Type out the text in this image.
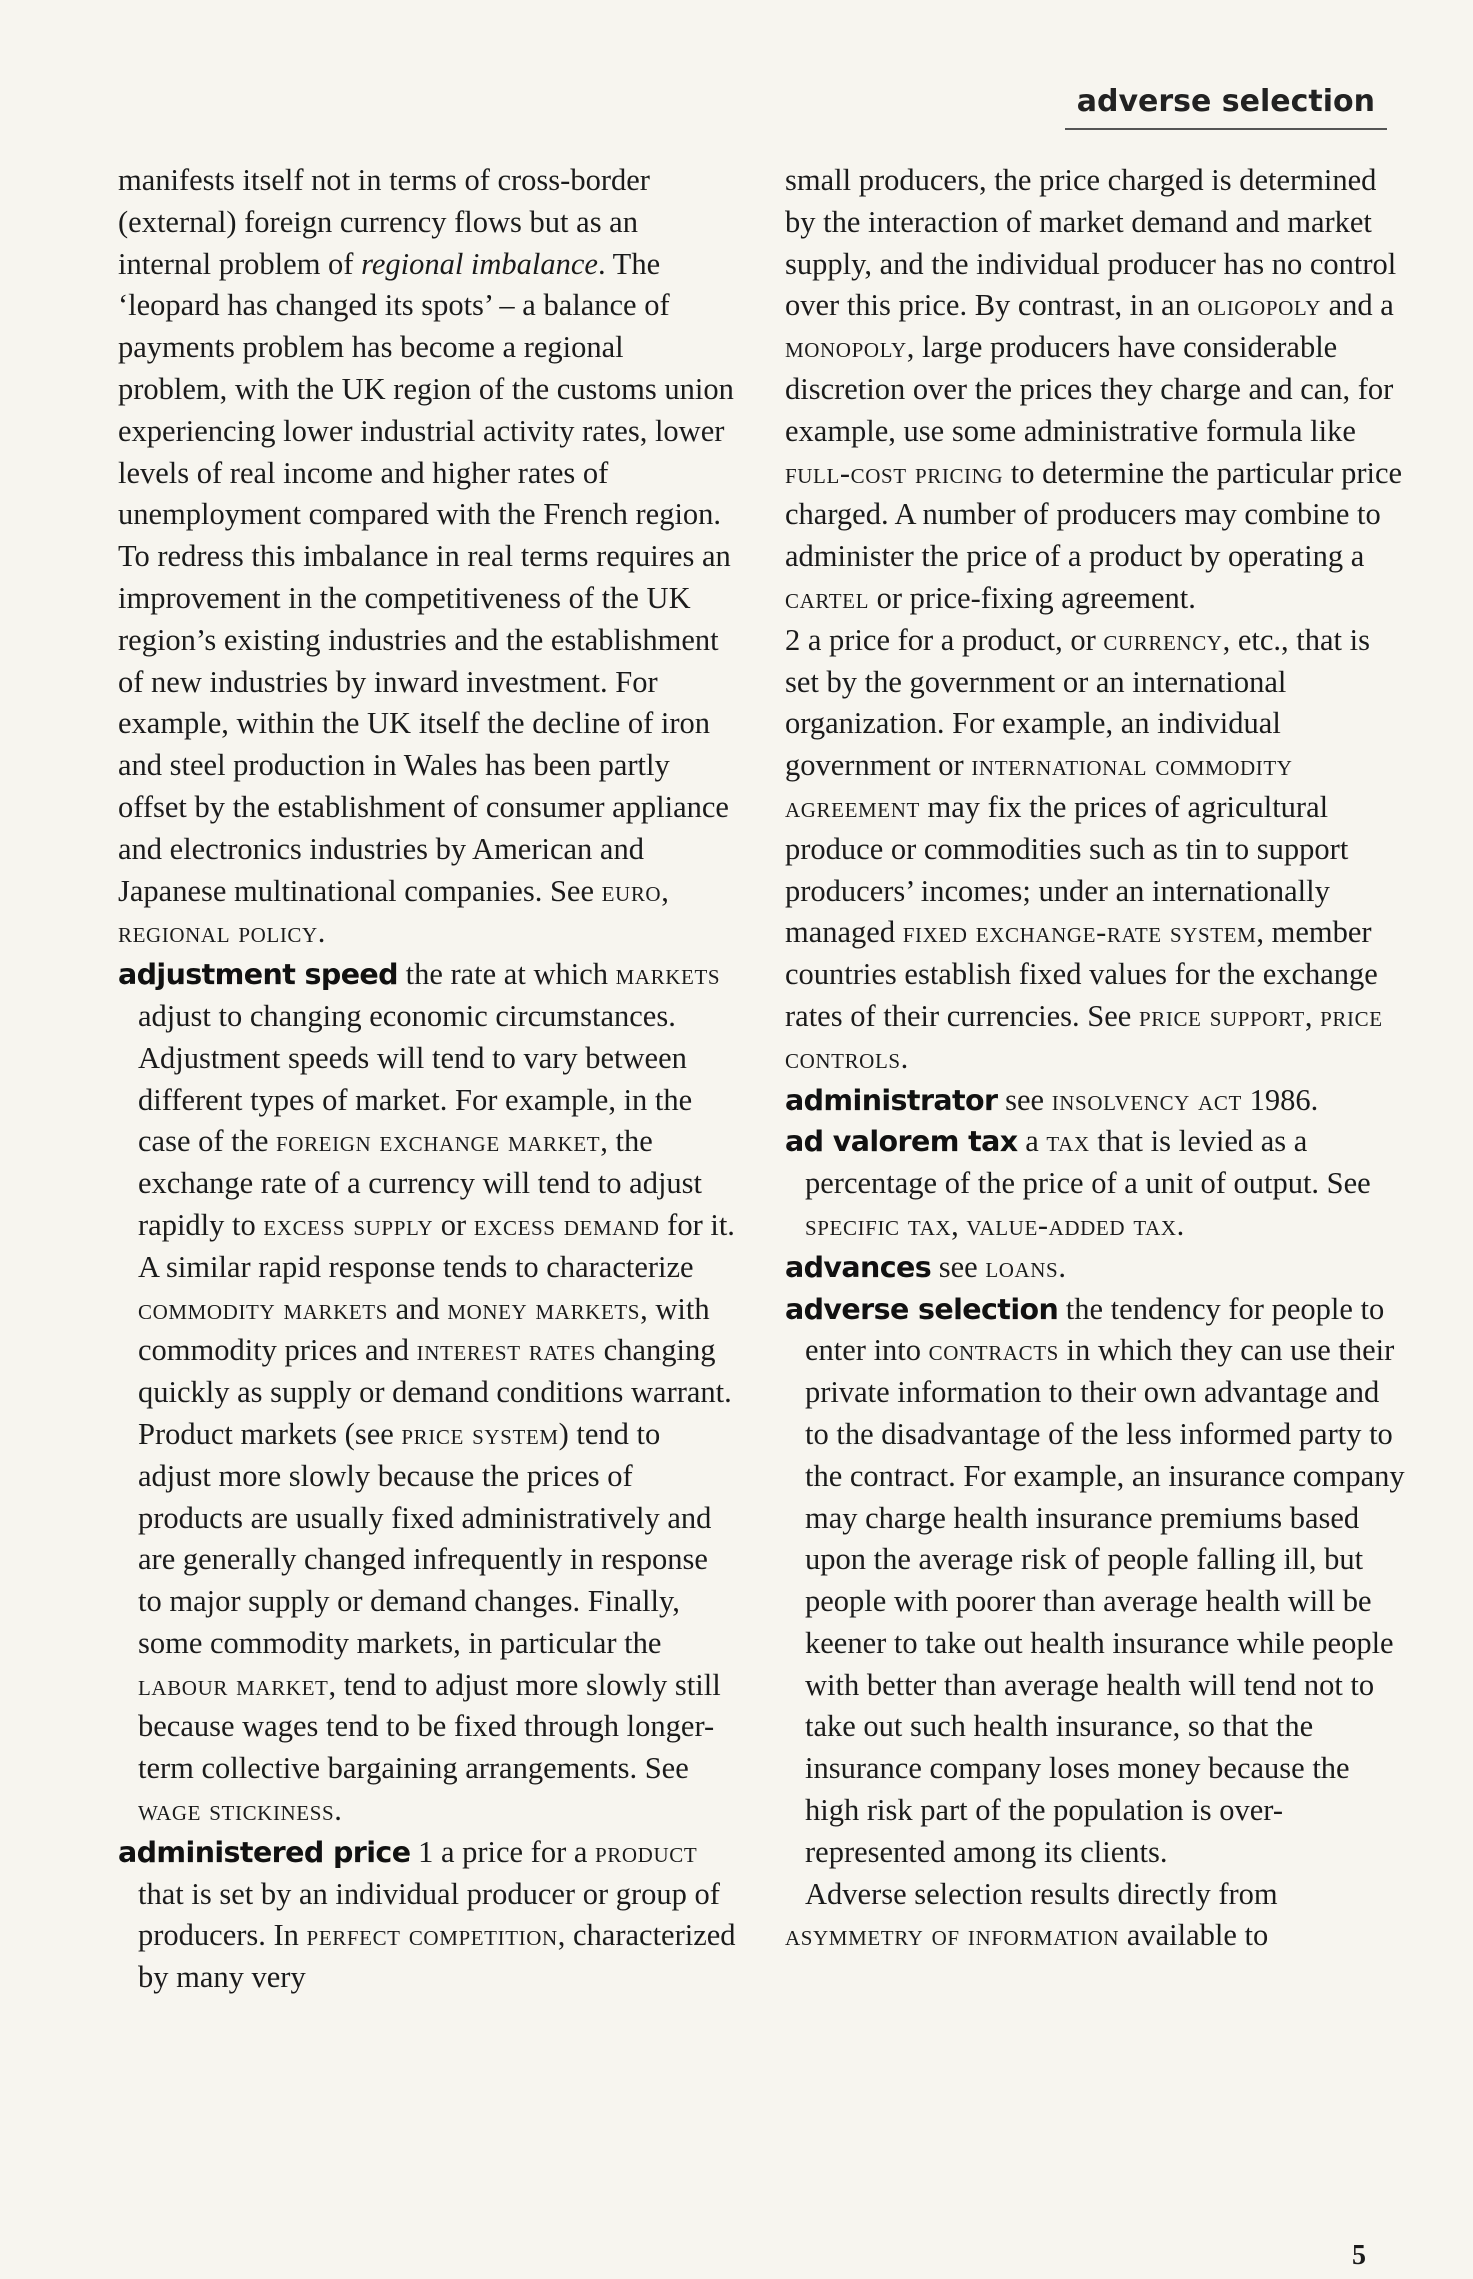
adverse selection

manifests itself not in terms of cross-border (external) foreign currency flows but as an internal problem of regional imbalance. The ‘leopard has changed its spots’ – a balance of payments problem has become a regional problem, with the UK region of the customs union experiencing lower industrial activity rates, lower levels of real income and higher rates of unemployment compared with the French region. To redress this imbalance in real terms requires an improvement in the competitiveness of the UK region’s existing industries and the establishment of new industries by inward investment. For example, within the UK itself the decline of iron and steel production in Wales has been partly offset by the establishment of consumer appliance and electronics industries by American and Japanese multinational companies. See euro, regional policy.

adjustment speed the rate at which markets adjust to changing economic circumstances. Adjustment speeds will tend to vary between different types of market. For example, in the case of the foreign exchange market, the exchange rate of a currency will tend to adjust rapidly to excess supply or excess demand for it. A similar rapid response tends to characterize commodity markets and money markets, with commodity prices and interest rates changing quickly as supply or demand conditions warrant. Product markets (see price system) tend to adjust more slowly because the prices of products are usually fixed administratively and are generally changed infrequently in response to major supply or demand changes. Finally, some commodity markets, in particular the labour market, tend to adjust more slowly still because wages tend to be fixed through longer-term collective bargaining arrangements. See wage stickiness.

administered price 1 a price for a product that is set by an individual producer or group of producers. In perfect competition, characterized by many very

small producers, the price charged is determined by the interaction of market demand and market supply, and the individual producer has no control over this price. By contrast, in an oligopoly and a monopoly, large producers have considerable discretion over the prices they charge and can, for example, use some administrative formula like full-cost pricing to determine the particular price charged. A number of producers may combine to administer the price of a product by operating a cartel or price-fixing agreement.

2 a price for a product, or currency, etc., that is set by the government or an international organization. For example, an individual government or international commodity agreement may fix the prices of agricultural produce or commodities such as tin to support producers’ incomes; under an internationally managed fixed exchange-rate system, member countries establish fixed values for the exchange rates of their currencies. See price support, price controls.

administrator see insolvency act 1986.

ad valorem tax a tax that is levied as a percentage of the price of a unit of output. See specific tax, value-added tax.

advances see loans.

adverse selection the tendency for people to enter into contracts in which they can use their private information to their own advantage and to the disadvantage of the less informed party to the contract. For example, an insurance company may charge health insurance premiums based upon the average risk of people falling ill, but people with poorer than average health will be keener to take out health insurance while people with better than average health will tend not to take out such health insurance, so that the insurance company loses money because the high risk part of the population is over-represented among its clients.

Adverse selection results directly from asymmetry of information available to

5
